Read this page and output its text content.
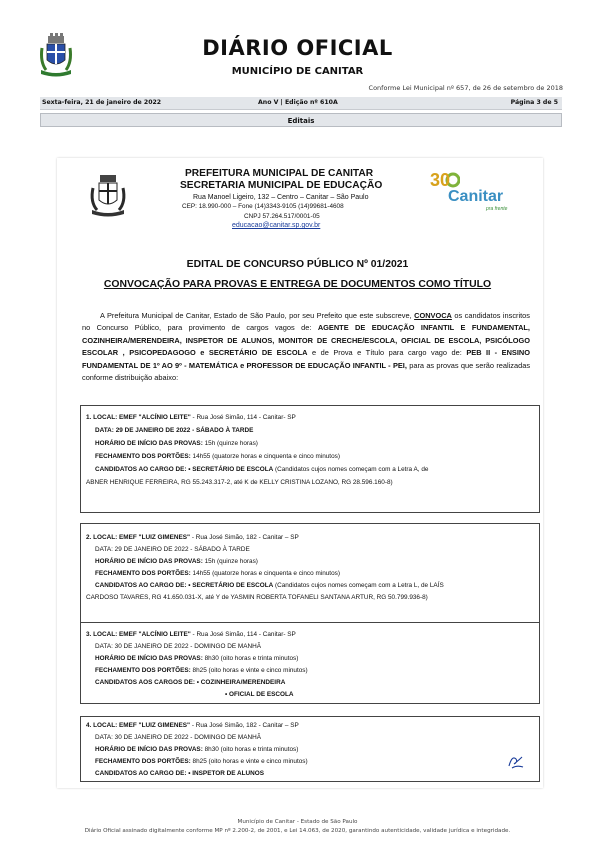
DIÁRIO OFICIAL
MUNICÍPIO DE CANITAR
Conforme Lei Municipal nº 657, de 26 de setembro de 2018
Sexta-feira, 21 de janeiro de 2022	Ano V | Edição nº 610A	Página 3 de 5
Editais
PREFEITURA MUNICIPAL DE CANITAR
SECRETARIA MUNICIPAL DE EDUCAÇÃO
Rua Manoel Ligeiro, 132 – Centro – Canitar – São Paulo
CEP: 18.990-000 – Fone (14)3343-9105 (14)99681-4608
CNPJ 57.264.517/0001-05
educacao@canitar.sp.gov.br
30
Canitar
pra frente
EDITAL DE CONCURSO PÚBLICO Nº 01/2021
CONVOCAÇÃO PARA PROVAS E ENTREGA DE DOCUMENTOS COMO TÍTULO
A Prefeitura Municipal de Canitar, Estado de São Paulo, por seu Prefeito que este subscreve, CONVOCA os candidatos inscritos no Concurso Público, para provimento de cargos vagos de: AGENTE DE EDUCAÇÃO INFANTIL E FUNDAMENTAL, COZINHEIRA/MERENDEIRA, INSPETOR DE ALUNOS, MONITOR DE CRECHE/ESCOLA, OFICIAL DE ESCOLA, PSICÓLOGO ESCOLAR , PSICOPEDAGOGO e SECRETÁRIO DE ESCOLA e de Prova e Título para cargo vago de: PEB II - ENSINO FUNDAMENTAL DE 1º AO 9º - MATEMÁTICA e PROFESSOR DE EDUCAÇÃO INFANTIL - PEI, para as provas que serão realizadas conforme distribuição abaixo:
1. LOCAL: EMEF "ALCÍNIO LEITE" - Rua José Simão, 114 - Canitar- SP
DATA: 29 DE JANEIRO DE 2022 - SÁBADO À TARDE
HORÁRIO DE INÍCIO DAS PROVAS: 15h (quinze horas)
FECHAMENTO DOS PORTÕES: 14h55 (quatorze horas e cinquenta e cinco minutos)
CANDIDATOS AO CARGO DE: • SECRETÁRIO DE ESCOLA (Candidatos cujos nomes começam com a Letra A, de
ABNER HENRIQUE FERREIRA, RG 55.243.317-2, até K de KELLY CRISTINA LOZANO, RG 28.596.160-8)
2. LOCAL: EMEF "LUIZ GIMENES" - Rua José Simão, 182 - Canitar – SP
DATA: 29 DE JANEIRO DE 2022 - SÁBADO À TARDE
HORÁRIO DE INÍCIO DAS PROVAS: 15h (quinze horas)
FECHAMENTO DOS PORTÕES: 14h55 (quatorze horas e cinquenta e cinco minutos)
CANDIDATOS AO CARGO DE: • SECRETÁRIO DE ESCOLA (Candidatos cujos nomes começam com a Letra L, de LAÍS
CARDOSO TAVARES, RG 41.650.031-X, até Y de YASMIN ROBERTA TOFANELI SANTANA ARTUR, RG 50.799.936-8)
3. LOCAL: EMEF "ALCÍNIO LEITE" - Rua José Simão, 114 - Canitar- SP
DATA: 30 DE JANEIRO DE 2022 - DOMINGO DE MANHÃ
HORÁRIO DE INÍCIO DAS PROVAS: 8h30 (oito horas e trinta minutos)
FECHAMENTO DOS PORTÕES: 8h25 (oito horas e vinte e cinco minutos)
CANDIDATOS AOS CARGOS DE: • COZINHEIRA/MERENDEIRA
• OFICIAL DE ESCOLA
4. LOCAL: EMEF "LUIZ GIMENES" - Rua José Simão, 182 - Canitar – SP
DATA: 30 DE JANEIRO DE 2022 - DOMINGO DE MANHÃ
HORÁRIO DE INÍCIO DAS PROVAS: 8h30 (oito horas e trinta minutos)
FECHAMENTO DOS PORTÕES: 8h25 (oito horas e vinte e cinco minutos)
CANDIDATOS AO CARGO DE: • INSPETOR DE ALUNOS
Município de Canitar - Estado de São Paulo
Diário Oficial assinado digitalmente conforme MP nº 2.200-2, de 2001, e Lei 14.063, de 2020, garantindo autenticidade, validade jurídica e integridade.
